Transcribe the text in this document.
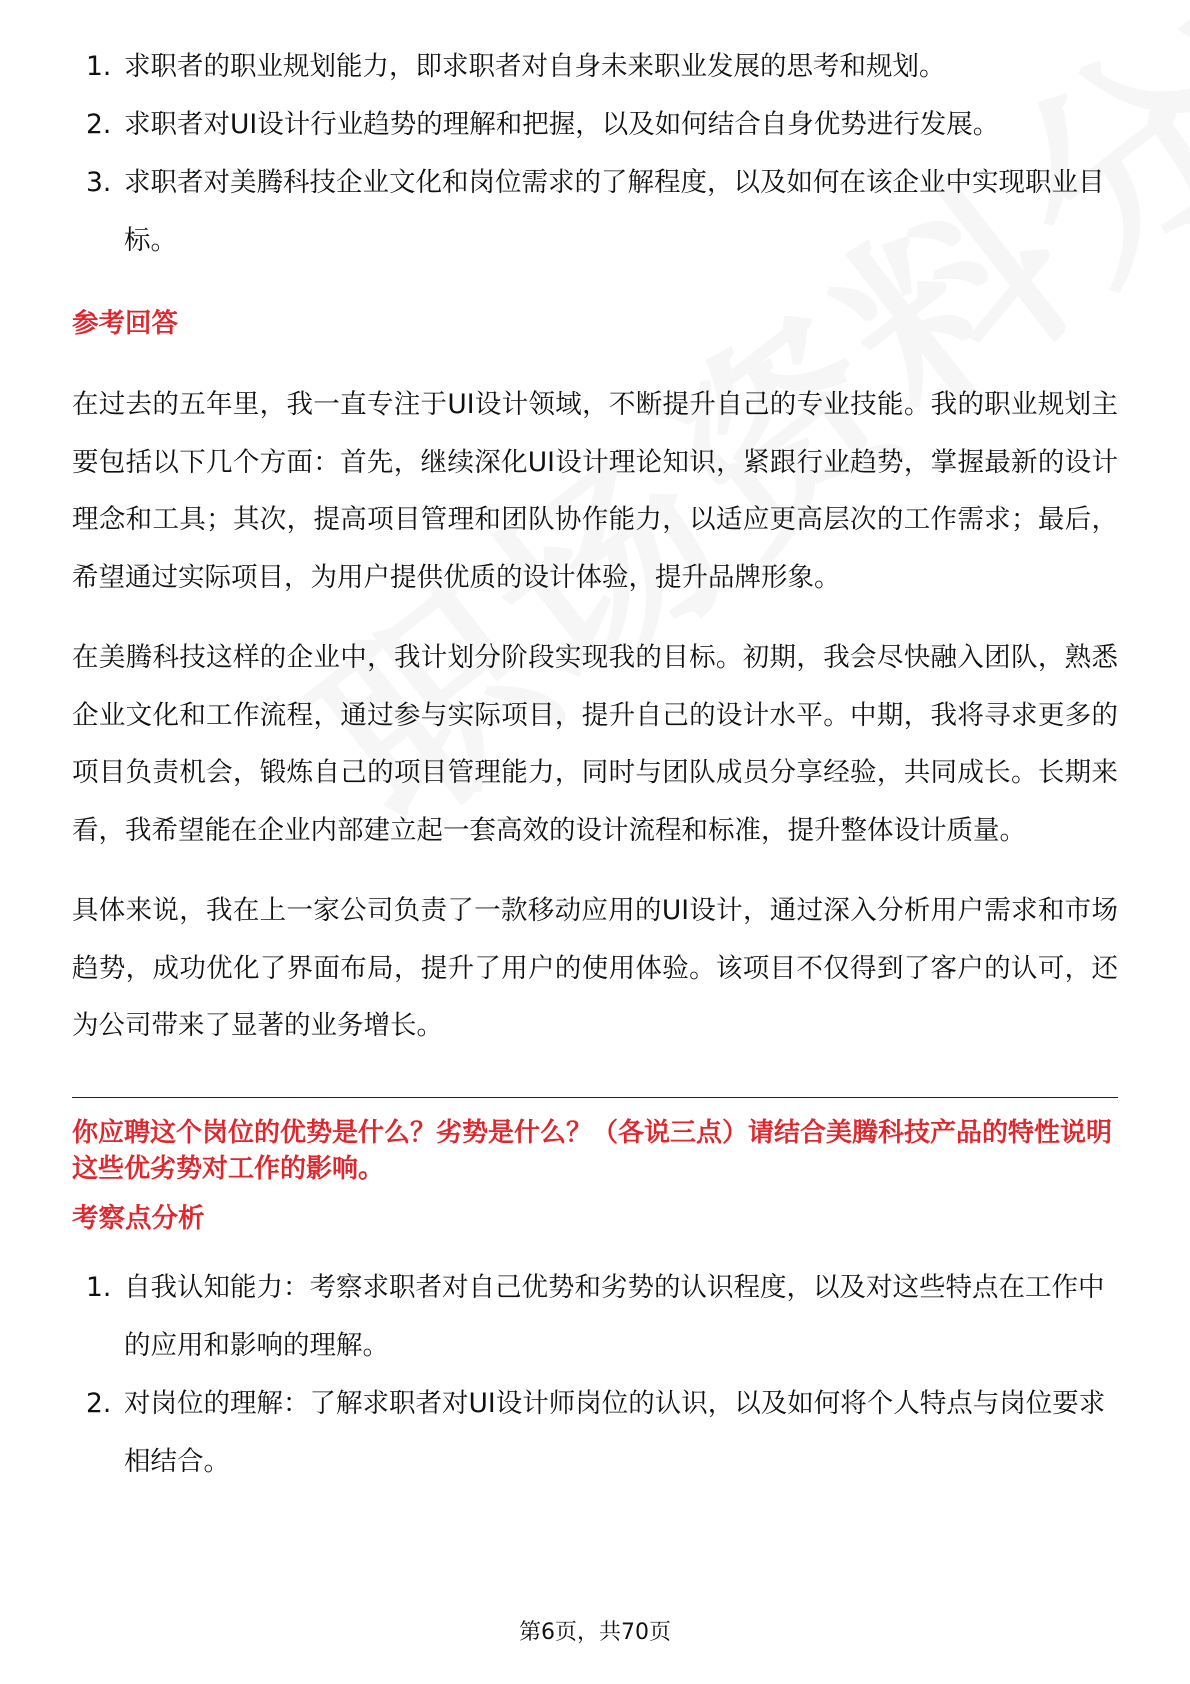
1. 求职者的职业规划能力，即求职者对自身未来职业发展的思考和规划。
2. 求职者对UI设计行业趋势的理解和把握，以及如何结合自身优势进行发展。
3. 求职者对美腾科技企业文化和岗位需求的了解程度，以及如何在该企业中实现职业目标。
参考回答
在过去的五年里，我一直专注于UI设计领域，不断提升自己的专业技能。我的职业规划主要包括以下几个方面：首先，继续深化UI设计理论知识，紧跟行业趋势，掌握最新的设计理念和工具；其次，提高项目管理和团队协作能力，以适应更高层次的工作需求；最后，希望通过实际项目，为用户提供优质的设计体验，提升品牌形象。
在美腾科技这样的企业中，我计划分阶段实现我的目标。初期，我会尽快融入团队，熟悉企业文化和工作流程，通过参与实际项目，提升自己的设计水平。中期，我将寻求更多的项目负责机会，锻炼自己的项目管理能力，同时与团队成员分享经验，共同成长。长期来看，我希望能在企业内部建立起一套高效的设计流程和标准，提升整体设计质量。
具体来说，我在上一家公司负责了一款移动应用的UI设计，通过深入分析用户需求和市场趋势，成功优化了界面布局，提升了用户的使用体验。该项目不仅得到了客户的认可，还为公司带来了显著的业务增长。
你应聘这个岗位的优势是什么？劣势是什么？（各说三点）请结合美腾科技产品的特性说明这些优劣势对工作的影响。
考察点分析
1. 自我认知能力：考察求职者对自己优势和劣势的认识程度，以及对这些特点在工作中的应用和影响的理解。
2. 对岗位的理解：了解求职者对UI设计师岗位的认识，以及如何将个人特点与岗位要求相结合。
第6页，共70页
